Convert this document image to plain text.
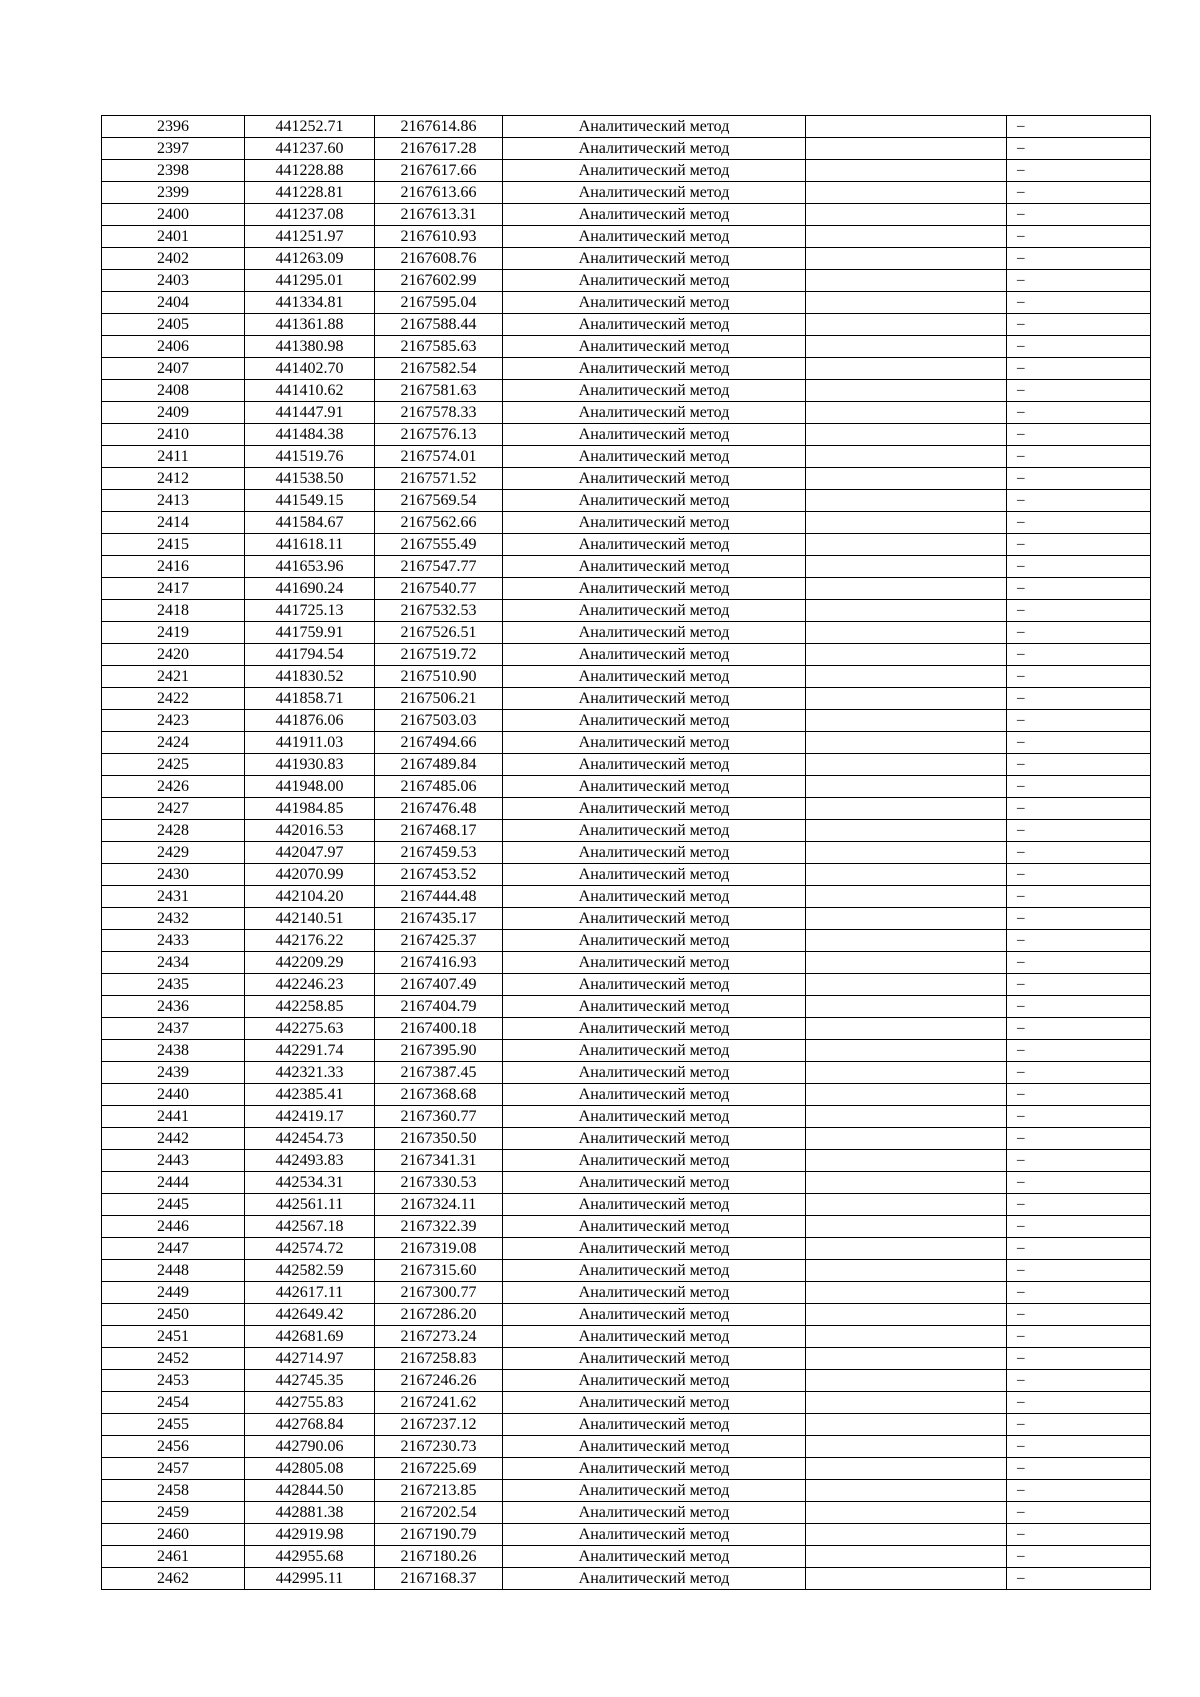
2396	441252.71	2167614.86	Аналитический метод		–
2397	441237.60	2167617.28	Аналитический метод		–
2398	441228.88	2167617.66	Аналитический метод		–
2399	441228.81	2167613.66	Аналитический метод		–
2400	441237.08	2167613.31	Аналитический метод		–
2401	441251.97	2167610.93	Аналитический метод		–
2402	441263.09	2167608.76	Аналитический метод		–
2403	441295.01	2167602.99	Аналитический метод		–
2404	441334.81	2167595.04	Аналитический метод		–
2405	441361.88	2167588.44	Аналитический метод		–
2406	441380.98	2167585.63	Аналитический метод		–
2407	441402.70	2167582.54	Аналитический метод		–
2408	441410.62	2167581.63	Аналитический метод		–
2409	441447.91	2167578.33	Аналитический метод		–
2410	441484.38	2167576.13	Аналитический метод		–
2411	441519.76	2167574.01	Аналитический метод		–
2412	441538.50	2167571.52	Аналитический метод		–
2413	441549.15	2167569.54	Аналитический метод		–
2414	441584.67	2167562.66	Аналитический метод		–
2415	441618.11	2167555.49	Аналитический метод		–
2416	441653.96	2167547.77	Аналитический метод		–
2417	441690.24	2167540.77	Аналитический метод		–
2418	441725.13	2167532.53	Аналитический метод		–
2419	441759.91	2167526.51	Аналитический метод		–
2420	441794.54	2167519.72	Аналитический метод		–
2421	441830.52	2167510.90	Аналитический метод		–
2422	441858.71	2167506.21	Аналитический метод		–
2423	441876.06	2167503.03	Аналитический метод		–
2424	441911.03	2167494.66	Аналитический метод		–
2425	441930.83	2167489.84	Аналитический метод		–
2426	441948.00	2167485.06	Аналитический метод		–
2427	441984.85	2167476.48	Аналитический метод		–
2428	442016.53	2167468.17	Аналитический метод		–
2429	442047.97	2167459.53	Аналитический метод		–
2430	442070.99	2167453.52	Аналитический метод		–
2431	442104.20	2167444.48	Аналитический метод		–
2432	442140.51	2167435.17	Аналитический метод		–
2433	442176.22	2167425.37	Аналитический метод		–
2434	442209.29	2167416.93	Аналитический метод		–
2435	442246.23	2167407.49	Аналитический метод		–
2436	442258.85	2167404.79	Аналитический метод		–
2437	442275.63	2167400.18	Аналитический метод		–
2438	442291.74	2167395.90	Аналитический метод		–
2439	442321.33	2167387.45	Аналитический метод		–
2440	442385.41	2167368.68	Аналитический метод		–
2441	442419.17	2167360.77	Аналитический метод		–
2442	442454.73	2167350.50	Аналитический метод		–
2443	442493.83	2167341.31	Аналитический метод		–
2444	442534.31	2167330.53	Аналитический метод		–
2445	442561.11	2167324.11	Аналитический метод		–
2446	442567.18	2167322.39	Аналитический метод		–
2447	442574.72	2167319.08	Аналитический метод		–
2448	442582.59	2167315.60	Аналитический метод		–
2449	442617.11	2167300.77	Аналитический метод		–
2450	442649.42	2167286.20	Аналитический метод		–
2451	442681.69	2167273.24	Аналитический метод		–
2452	442714.97	2167258.83	Аналитический метод		–
2453	442745.35	2167246.26	Аналитический метод		–
2454	442755.83	2167241.62	Аналитический метод		–
2455	442768.84	2167237.12	Аналитический метод		–
2456	442790.06	2167230.73	Аналитический метод		–
2457	442805.08	2167225.69	Аналитический метод		–
2458	442844.50	2167213.85	Аналитический метод		–
2459	442881.38	2167202.54	Аналитический метод		–
2460	442919.98	2167190.79	Аналитический метод		–
2461	442955.68	2167180.26	Аналитический метод		–
2462	442995.11	2167168.37	Аналитический метод		–
